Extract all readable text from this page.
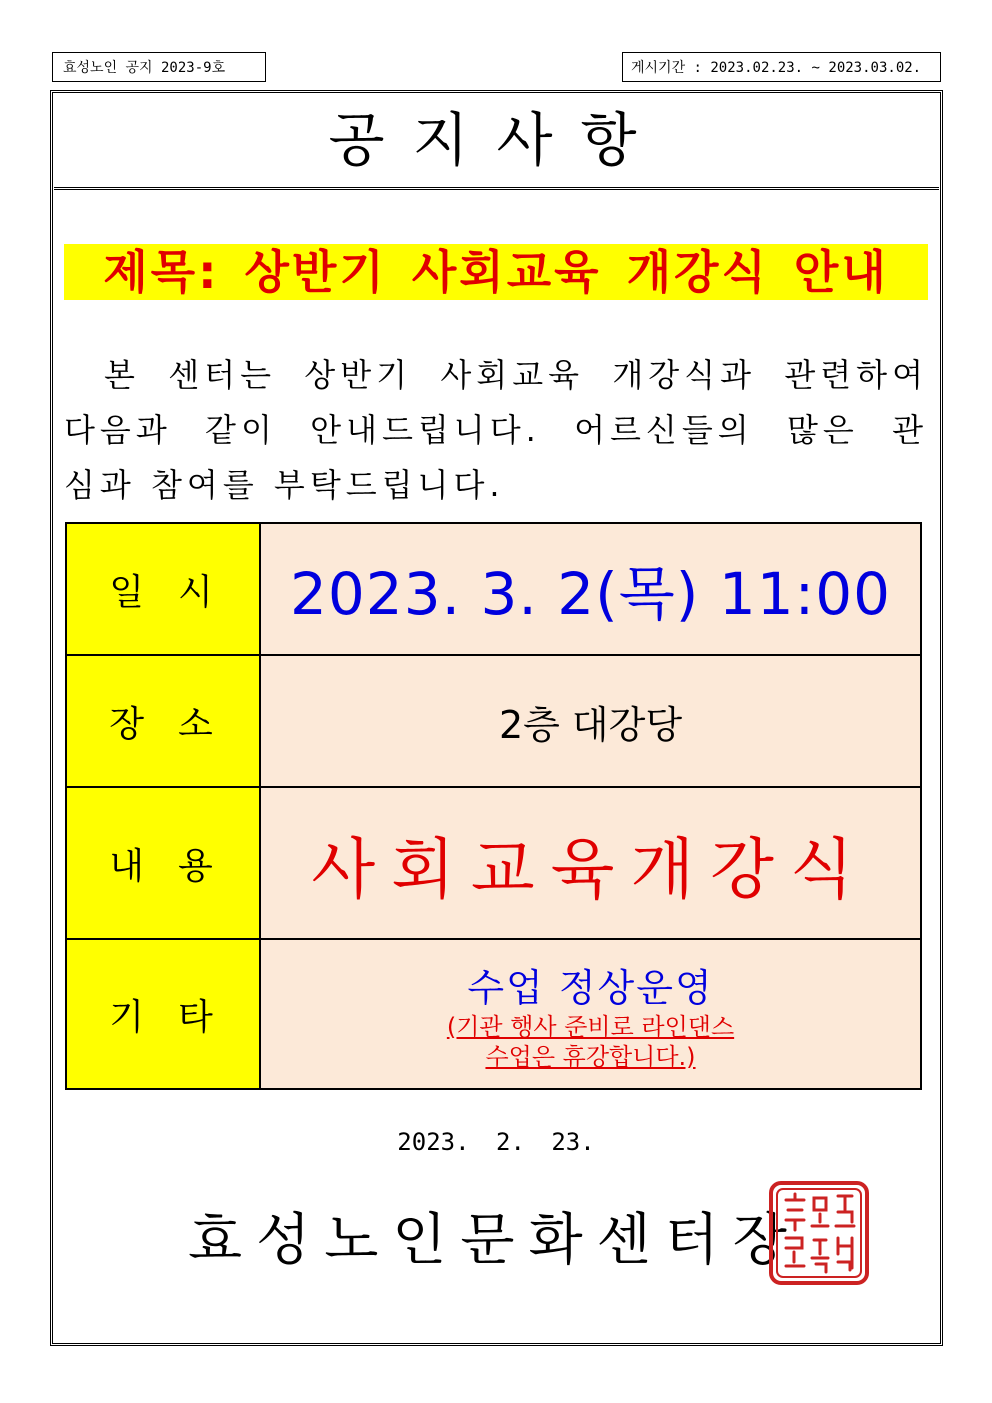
효성노인 공지 2023-9호	게시기간 : 2023.02.23. ~ 2023.03.02.
공지사항
제목: 상반기 사회교육 개강식 안내
본 센터는 상반기 사회교육 개강식과 관련하여
다음과 같이 안내드립니다. 어르신들의 많은 관
심과 참여를 부탁드립니다.
일시	2023. 3. 2(목) 11:00
장소	2층 대강당
내용	사회교육개강식
기타	수업 정상운영
(기관 행사 준비로 라인댄스
수업은 휴강합니다.)
2023. 2. 23.
효성노인문화센터장
